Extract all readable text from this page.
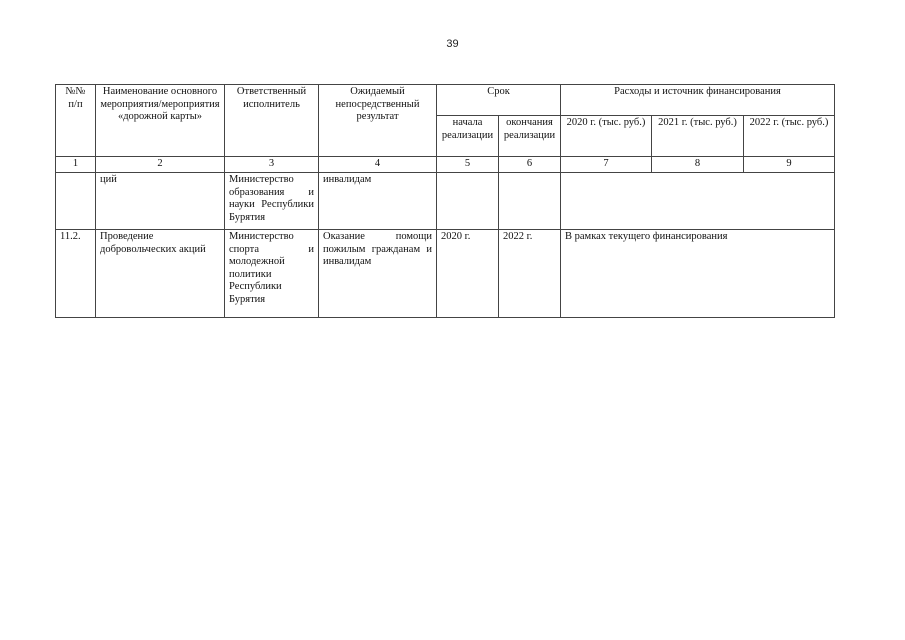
39
№№ п/п	Наименование основного мероприятия/мероприятия «дорожной карты»	Ответственный исполнитель	Ожидаемый непосредственный результат	Срок		Расходы и источник финансирования		
				начала реализации	окончания реализации	2020 г. (тыс. руб.)	2021 г. (тыс. руб.)	2022 г. (тыс. руб.)
1	2	3	4	5	6	7	8	9
	ций	Министерство образования и науки Республики Бурятия	инвалидам					
11.2.	Проведение добровольческих акций	Министерство спорта и молодежной политики Республики Бурятия	Оказание помощи пожилым гражданам и инвалидам	2020 г.	2022 г.	В рамках текущего финансирования		
